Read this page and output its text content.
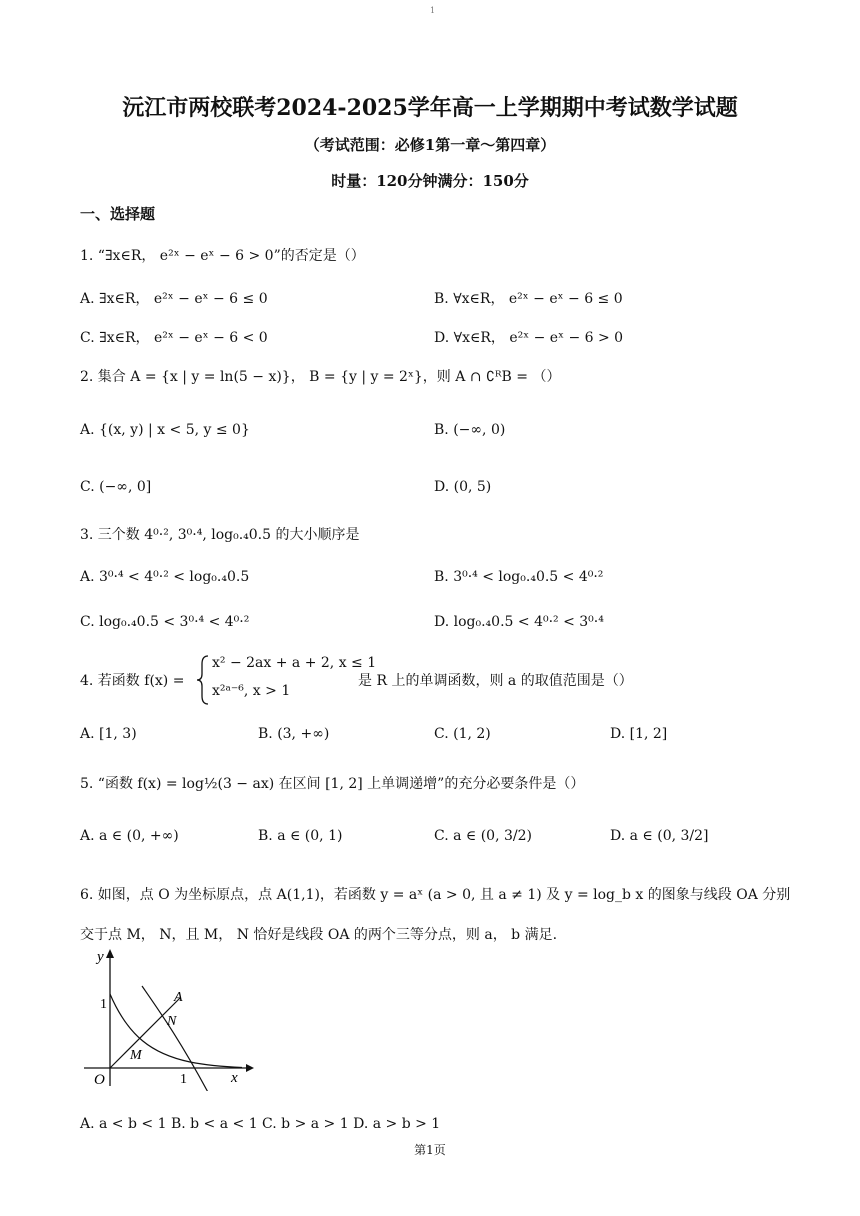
1
沅江市两校联考2024-2025学年高一上学期期中考试数学试题
（考试范围：必修1第一章～第四章）
时量：120分钟满分：150分
一、选择题
1. “∃x∈R， e²ˣ − eˣ − 6 > 0”的否定是（）
A. ∃x∈R， e²ˣ − eˣ − 6 ≤ 0	B. ∀x∈R， e²ˣ − eˣ − 6 ≤ 0
C. ∃x∈R， e²ˣ − eˣ − 6 < 0	D. ∀x∈R， e²ˣ − eˣ − 6 > 0
2. 集合 A = {x | y = ln(5 − x)}， B = {y | y = 2ˣ}，则 A ∩ ∁ᴿB = （）
A. {(x, y) | x < 5, y ≤ 0}	B. (−∞, 0)
C. (−∞, 0]	D. (0, 5)
3. 三个数 4⁰·², 3⁰·⁴, log₀.₄0.5 的大小顺序是
A. 3⁰·⁴ < 4⁰·² < log₀.₄0.5	B. 3⁰·⁴ < log₀.₄0.5 < 4⁰·²
C. log₀.₄0.5 < 3⁰·⁴ < 4⁰·²	D. log₀.₄0.5 < 4⁰·² < 3⁰·⁴
4. 若函数 f(x) =
x² − 2ax + a + 2, x ≤ 1
x²ᵃ⁻⁶, x > 1
是 R 上的单调函数，则 a 的取值范围是（）
A. [1, 3)	B. (3, +∞)	C. (1, 2)	D. [1, 2]
5. “函数 f(x) = log½(3 − ax) 在区间 [1, 2] 上单调递增”的充分必要条件是（）
A. a ∈ (0, +∞)	B. a ∈ (0, 1)	C. a ∈ (0, 3/2)	D. a ∈ (0, 3/2]
6. 如图，点 O 为坐标原点，点 A(1,1)，若函数 y = aˣ (a > 0, 且 a ≠ 1) 及 y = log_b x 的图象与线段 OA 分别
交于点 M， N，且 M， N 恰好是线段 OA 的两个三等分点，则 a， b 满足.
y
x
O	1
1	A
N
M
A. a < b < 1 B. b < a < 1 C. b > a > 1 D. a > b > 1
第1页
